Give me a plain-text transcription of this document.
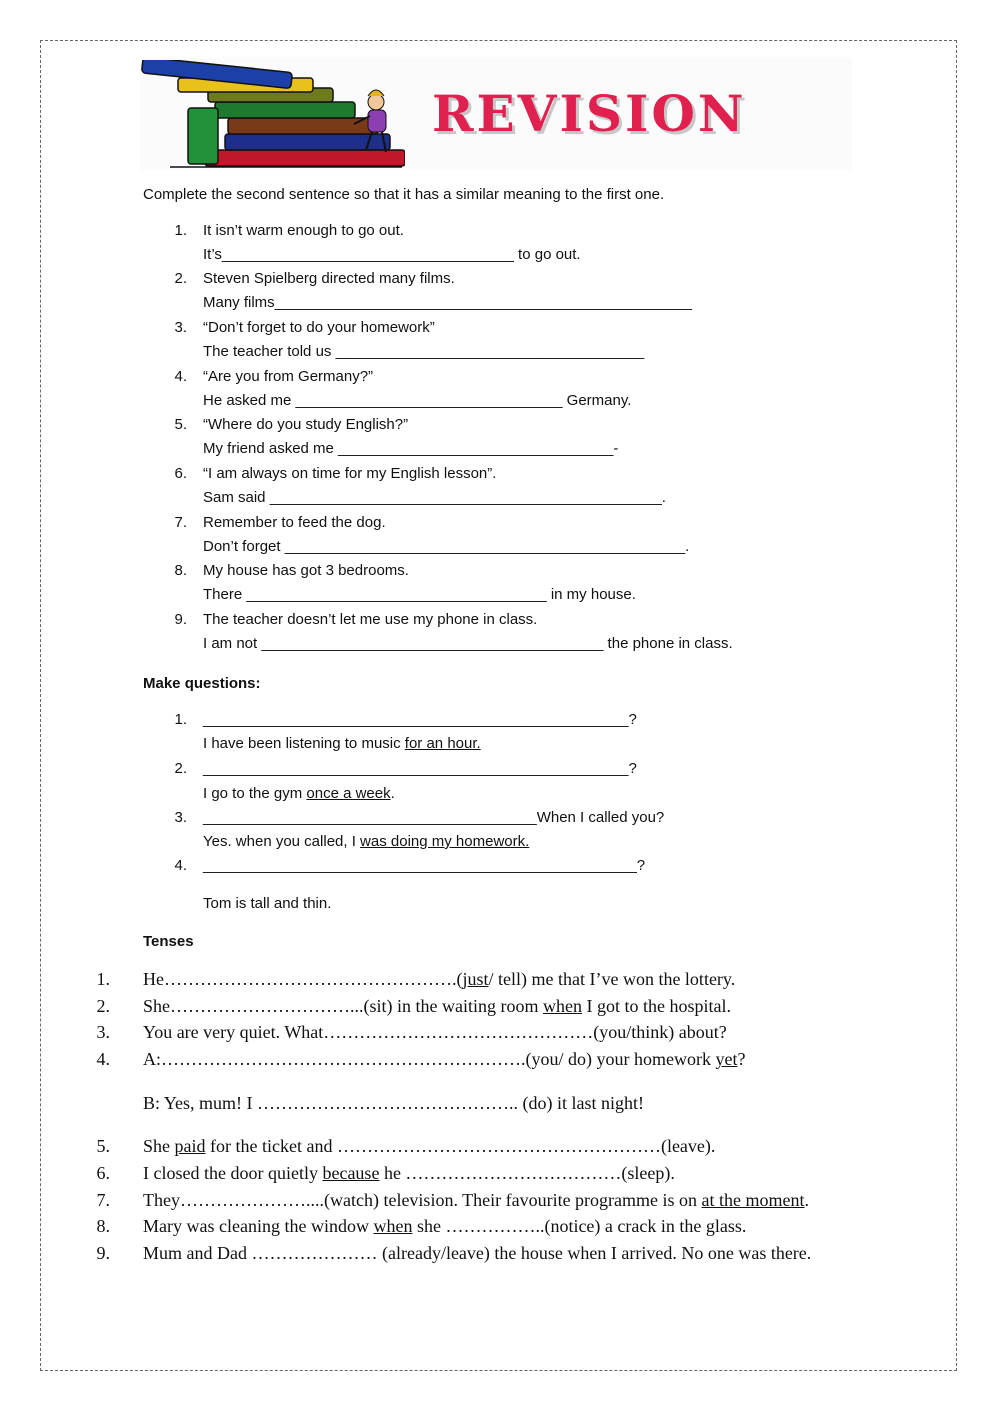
REVISION
Complete the second sentence so that it has a similar meaning to the first one.
1. It isn’t warm enough to go out.
It’s___________________________________ to go out.
2. Steven Spielberg directed many films.
Many films__________________________________________________
3. “Don’t forget to do your homework”
The teacher told us _____________________________________
4. “Are you from Germany?”
He asked me ________________________________ Germany.
5. “Where do you study English?”
My friend asked me _________________________________-
6. “I am always on time for my English lesson”.
Sam said _______________________________________________.
7. Remember to feed the dog.
Don’t forget ________________________________________________.
8. My house has got 3 bedrooms.
There ____________________________________ in my house.
9. The teacher doesn’t let me use my phone in class.
I am not _________________________________________ the phone in class.
Make questions:
1. ___________________________________________________?
I have been listening to music for an hour.
2. ___________________________________________________?
I go to the gym once a week.
3. ________________________________________When I called you?
Yes. when you called, I was doing my homework.
4. ____________________________________________________?
Tom is tall and thin.
Tenses
1. He………………………………………….(just/ tell) me that I’ve won the lottery.
2. She…………………………...(sit) in the waiting room when I got to the hospital.
3. You are very quiet. What………………………………………(you/think) about?
4. A:…………………………………………………….(you/ do) your homework yet?
B: Yes, mum! I …………………………………….. (do) it last night!
5. She paid for the ticket and ………………………………………………(leave).
6. I closed the door quietly because he ………………………………(sleep).
7. They…………………....(watch) television. Their favourite programme is on at the moment.
8. Mary was cleaning the window when she ……………..(notice) a crack in the glass.
9. Mum and Dad ………………… (already/leave) the house when I arrived. No one was there.
